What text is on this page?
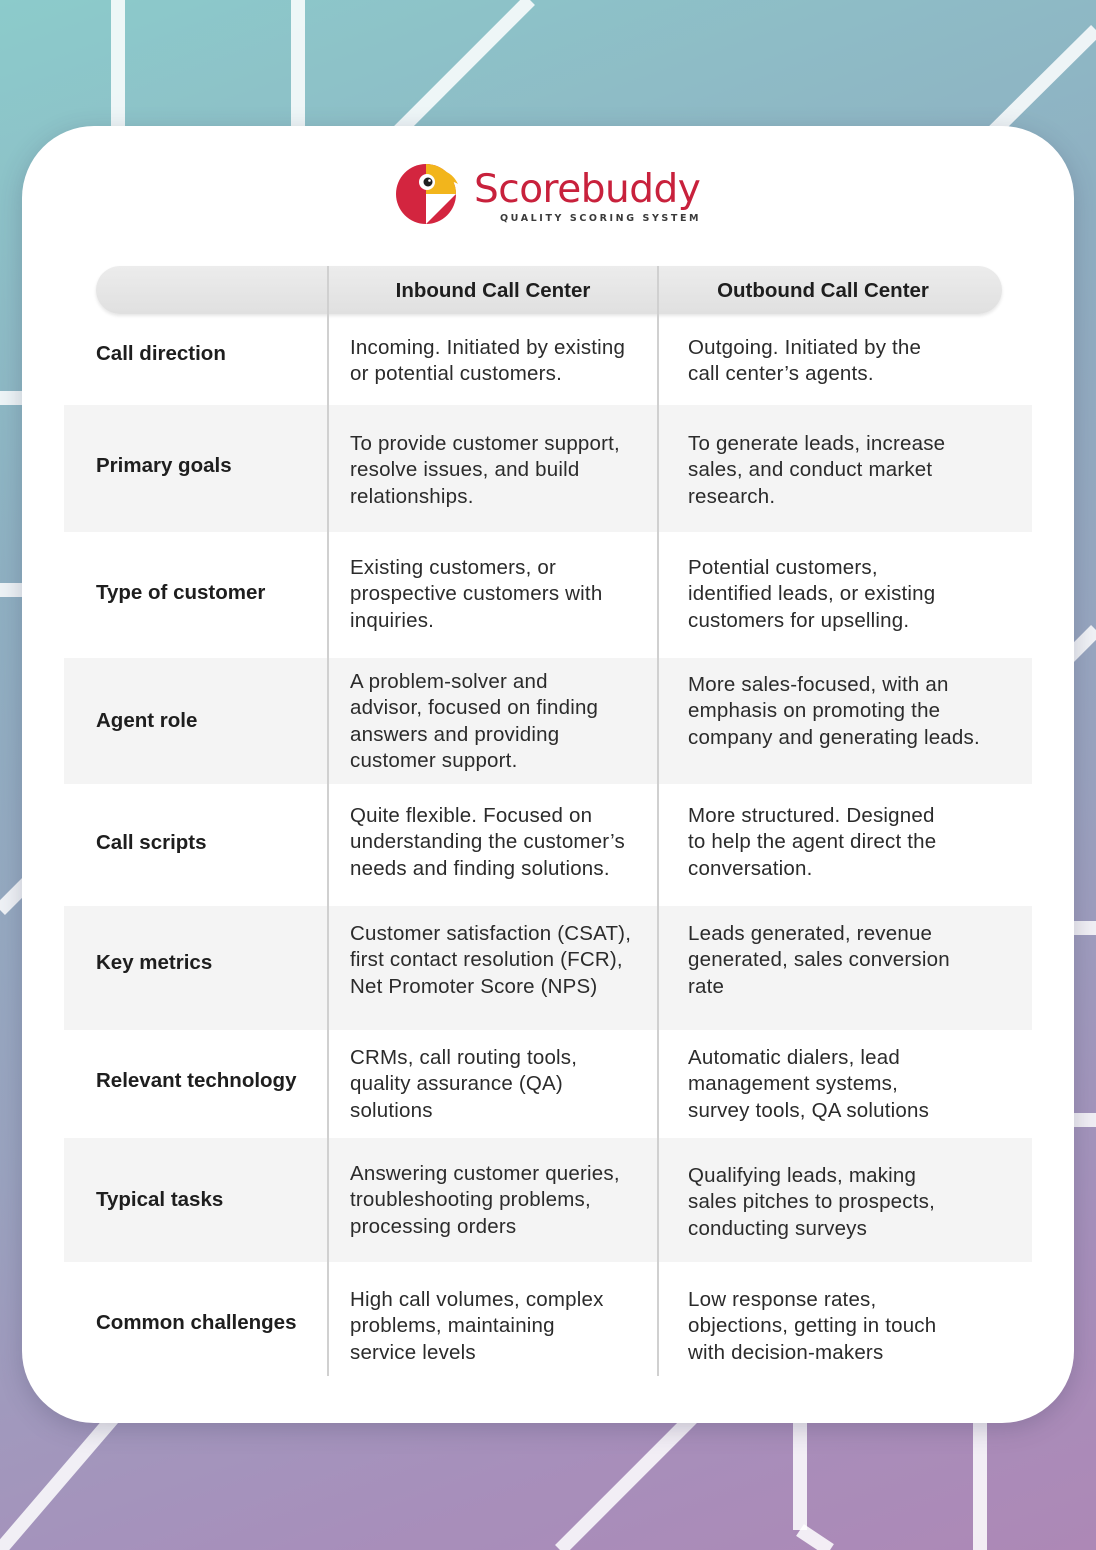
Scorebuddy
QUALITY SCORING SYSTEM
Inbound Call Center	Outbound Call Center
Call direction	Incoming. Initiated by existing
or potential customers.
Outgoing. Initiated by the
call center’s agents.
Primary goals
To provide customer support,
resolve issues, and build
relationships.
To generate leads, increase
sales, and conduct market
research.
Type of customer
Existing customers, or
prospective customers with
inquiries.
Potential customers,
identified leads, or existing
customers for upselling.
Agent role
A problem-solver and
advisor, focused on finding
answers and providing
customer support.
More sales-focused, with an
emphasis on promoting the
company and generating leads.
Call scripts
Quite flexible. Focused on
understanding the customer’s
needs and finding solutions.
More structured. Designed
to help the agent direct the
conversation.
Key metrics
Customer satisfaction (CSAT),
first contact resolution (FCR),
Net Promoter Score (NPS)
Leads generated, revenue
generated, sales conversion
rate
Relevant technology
CRMs, call routing tools,
quality assurance (QA)
solutions
Automatic dialers, lead
management systems,
survey tools, QA solutions
Typical tasks
Answering customer queries,
troubleshooting problems,
processing orders
Qualifying leads, making
sales pitches to prospects,
conducting surveys
Common challenges
High call volumes, complex
problems, maintaining
service levels
Low response rates,
objections, getting in touch
with decision-makers
